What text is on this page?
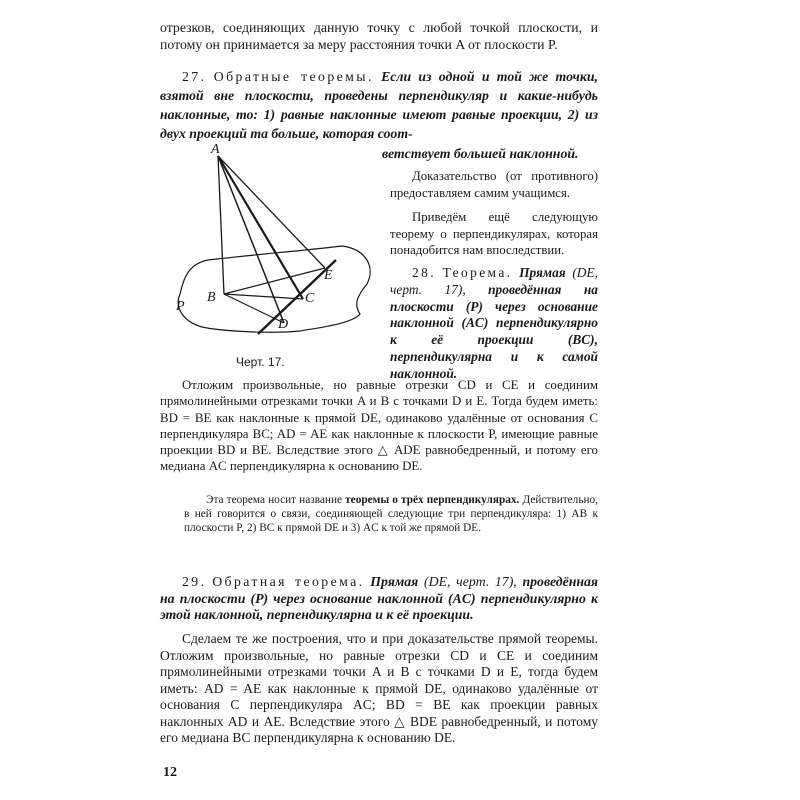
отрезков, соединяющих данную точку с любой точкой плоскости, и потому он принимается за меру расстояния точки A от плоскости P.
27. Обратные теоремы. Если из одной и той же точки, взятой вне плоскости, проведены перпендикуляр и какие-нибудь наклонные, то: 1) равные наклонные имеют равные проекции, 2) из двух проекций та больше, которая соот-
ветствует большей наклонной.
Доказательство (от противного) предоставляем самим учащимся.
Приведём ещё следующую теорему о перпендикулярах, которая понадобится нам впоследствии.
28. Теорема. Прямая (DE, черт. 17), проведённая на плоскости (P) через основание наклонной (AC) перпендикулярно к её проекции (BC), перпендикулярна и к самой наклонной.
Отложим произвольные, но равные отрезки CD и CE и соединим прямолинейными отрезками точки A и B с точками D и E. Тогда будем иметь: BD = BE как наклонные к прямой DE, одинаково удалённые от основания C перпендикуляра BC; AD = AE как наклонные к плоскости P, имеющие равные проекции BD и BE. Вследствие этого △ ADE равнобедренный, и потому его медиана AC перпендикулярна к основанию DE.
Эта теорема носит название теоремы о трёх перпендикулярах. Действительно, в ней говорится о связи, соединяющей следующие три перпендикуляра: 1) AB к плоскости P, 2) BC к прямой DE и 3) AC к той же прямой DE.
29. Обратная теорема. Прямая (DE, черт. 17), проведённая на плоскости (P) через основание наклонной (AC) перпендикулярно к этой наклонной, перпендикулярна и к её проекции.
Сделаем те же построения, что и при доказательстве прямой теоремы. Отложим произвольные, но равные отрезки CD и CE и соединим прямолинейными отрезками точки A и B с точками D и E, тогда будем иметь: AD = AE как наклонные к прямой DE, одинаково удалённые от основания C перпендикуляра AC; BD = BE как проекции равных наклонных AD и AE. Вследствие этого △ BDE равнобедренный, и потому его медиана BC перпендикулярна к основанию DE.
A
B	C
D
E
P
Черт. 17.
12
